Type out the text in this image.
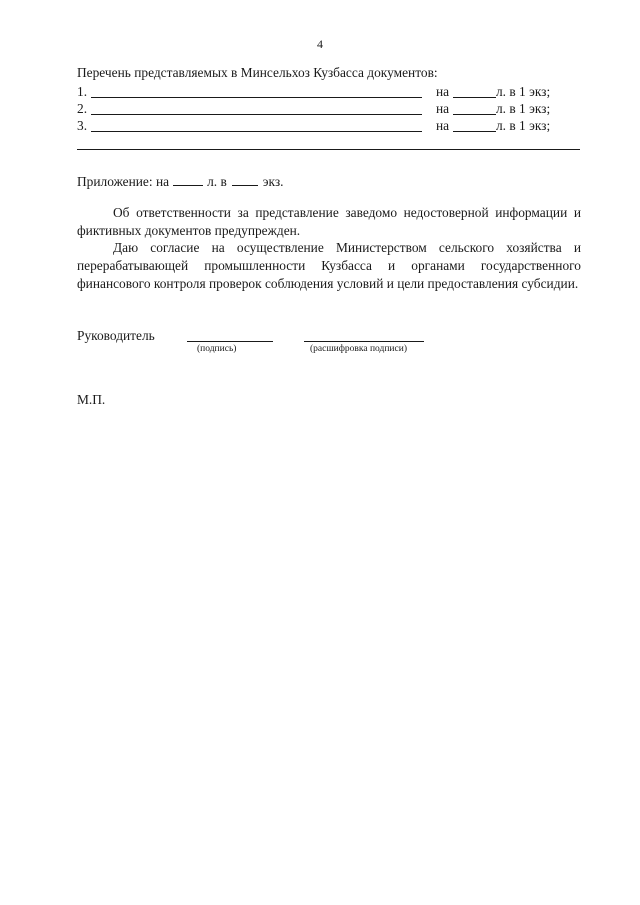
4
Перечень представляемых в Минсельхоз Кузбасса документов:
1.	на	л. в 1 экз;
2.	на	л. в 1 экз;
3.	на	л. в 1 экз;
Приложение: на	л. в	экз.
Об ответственности за представление заведомо недостоверной информации и фиктивных документов предупрежден.
Даю согласие на осуществление Министерством сельского хозяйства и перерабатывающей промышленности Кузбасса и органами государственного финансового контроля проверок соблюдения условий и цели предоставления субсидии.
Руководитель
(подпись)	(расшифровка подписи)
М.П.
